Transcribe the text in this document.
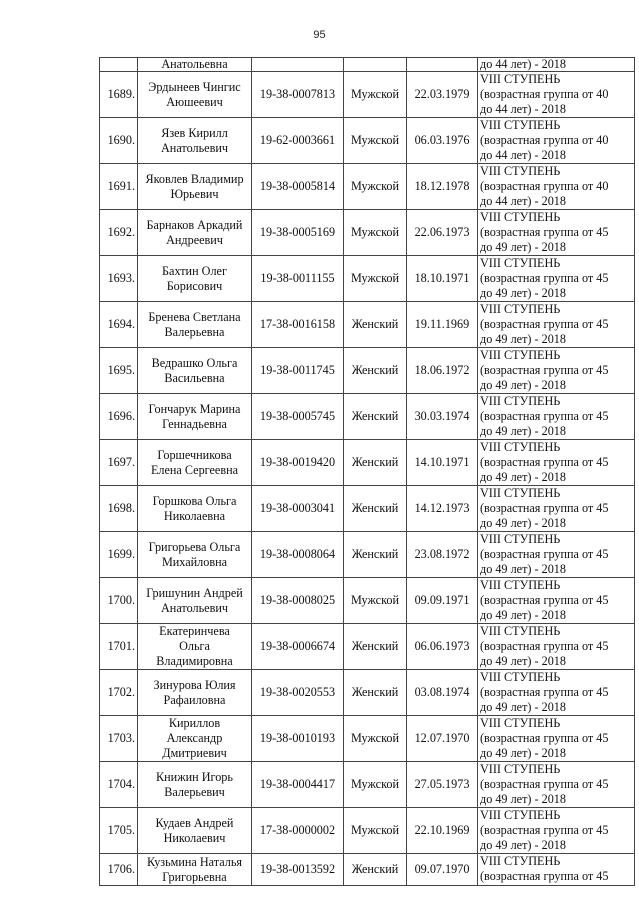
95
	Анатольевна				до 44 лет) - 2018
1689.	Эрдынеев Чингис
Аюшеевич	19-38-0007813	Мужской	22.03.1979	VIII СТУПЕНЬ
(возрастная группа от 40
до 44 лет) - 2018

1690.	Язев Кирилл
Анатольевич	19-62-0003661	Мужской	06.03.1976	VIII СТУПЕНЬ
(возрастная группа от 40
до 44 лет) - 2018

1691.	Яковлев Владимир
Юрьевич	19-38-0005814	Мужской	18.12.1978	VIII СТУПЕНЬ
(возрастная группа от 40
до 44 лет) - 2018

1692.	Барнаков Аркадий
Андреевич	19-38-0005169	Мужской	22.06.1973	VIII СТУПЕНЬ
(возрастная группа от 45
до 49 лет) - 2018

1693.	Бахтин Олег
Борисович	19-38-0011155	Мужской	18.10.1971	VIII СТУПЕНЬ
(возрастная группа от 45
до 49 лет) - 2018

1694.	Бренева Светлана
Валерьевна	17-38-0016158	Женский	19.11.1969	VIII СТУПЕНЬ
(возрастная группа от 45
до 49 лет) - 2018

1695.	Ведрашко Ольга
Васильевна	19-38-0011745	Женский	18.06.1972	VIII СТУПЕНЬ
(возрастная группа от 45
до 49 лет) - 2018

1696.	Гончарук Марина
Геннадьевна	19-38-0005745	Женский	30.03.1974	VIII СТУПЕНЬ
(возрастная группа от 45
до 49 лет) - 2018

1697.	Горшечникова
Елена Сергеевна	19-38-0019420	Женский	14.10.1971	VIII СТУПЕНЬ
(возрастная группа от 45
до 49 лет) - 2018

1698.	Горшкова Ольга
Николаевна	19-38-0003041	Женский	14.12.1973	VIII СТУПЕНЬ
(возрастная группа от 45
до 49 лет) - 2018

1699.	Григорьева Ольга
Михайловна	19-38-0008064	Женский	23.08.1972	VIII СТУПЕНЬ
(возрастная группа от 45
до 49 лет) - 2018

1700.	Гришунин Андрей
Анатольевич	19-38-0008025	Мужской	09.09.1971	VIII СТУПЕНЬ
(возрастная группа от 45
до 49 лет) - 2018

1701.	Екатеринчева
Ольга
Владимировна	19-38-0006674	Женский	06.06.1973	VIII СТУПЕНЬ
(возрастная группа от 45
до 49 лет) - 2018

1702.	Зинурова Юлия
Рафаиловна	19-38-0020553	Женский	03.08.1974	VIII СТУПЕНЬ
(возрастная группа от 45
до 49 лет) - 2018

1703.	Кириллов
Александр
Дмитриевич	19-38-0010193	Мужской	12.07.1970	VIII СТУПЕНЬ
(возрастная группа от 45
до 49 лет) - 2018

1704.	Книжин Игорь
Валерьевич	19-38-0004417	Мужской	27.05.1973	VIII СТУПЕНЬ
(возрастная группа от 45
до 49 лет) - 2018

1705.	Кудаев Андрей
Николаевич	17-38-0000002	Мужской	22.10.1969	VIII СТУПЕНЬ
(возрастная группа от 45
до 49 лет) - 2018

1706.	Кузьмина Наталья
Григорьевна	19-38-0013592	Женский	09.07.1970	VIII СТУПЕНЬ
(возрастная группа от 45
